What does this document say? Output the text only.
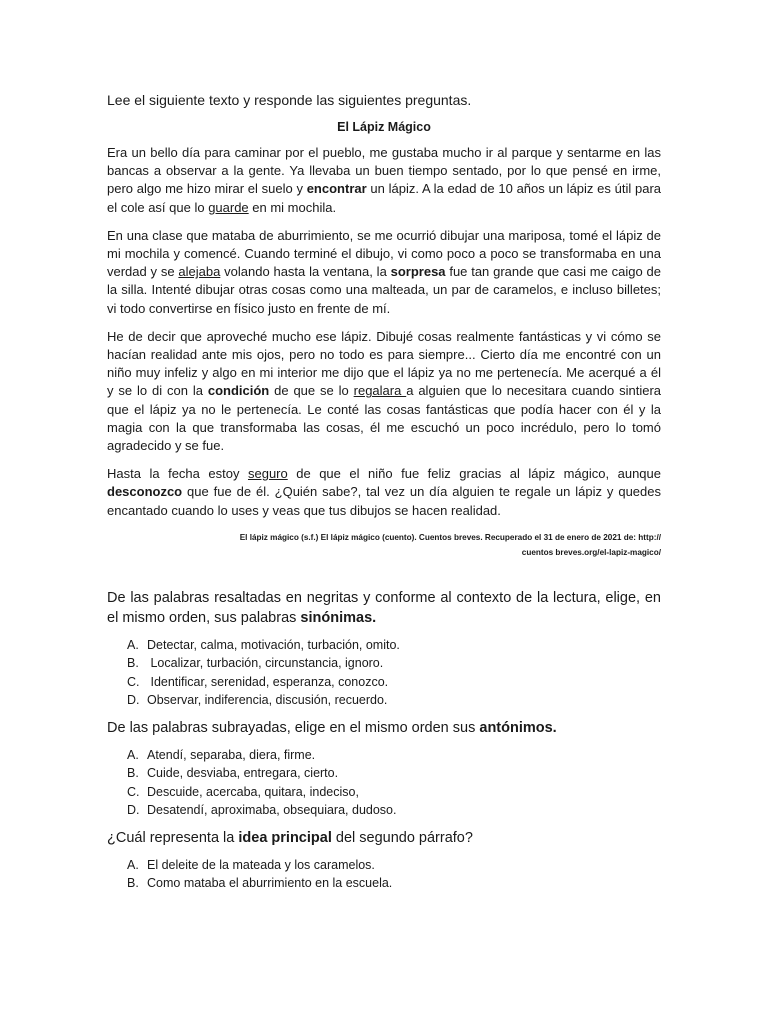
Lee el siguiente texto y responde las siguientes preguntas.

El Lápiz Mágico

Era un bello día para caminar por el pueblo, me gustaba mucho ir al parque y sentarme en las bancas a observar a la gente. Ya llevaba un buen tiempo sentado, por lo que pensé en irme, pero algo me hizo mirar el suelo y encontrar un lápiz. A la edad de 10 años un lápiz es útil para el cole así que lo guarde en mi mochila.

En una clase que mataba de aburrimiento, se me ocurrió dibujar una mariposa, tomé el lápiz de mi mochila y comencé. Cuando terminé el dibujo, vi como poco a poco se transformaba en una verdad y se alejaba volando hasta la ventana, la sorpresa fue tan grande que casi me caigo de la silla. Intenté dibujar otras cosas como una malteada, un par de caramelos, e incluso billetes; vi todo convertirse en físico justo en frente de mí.

He de decir que aproveché mucho ese lápiz. Dibujé cosas realmente fantásticas y vi cómo se hacían realidad ante mis ojos, pero no todo es para siempre... Cierto día me encontré con un niño muy infeliz y algo en mi interior me dijo que el lápiz ya no me pertenecía. Me acerqué a él y se lo di con la condición de que se lo regalara a alguien que lo necesitara cuando sintiera que el lápiz ya no le pertenecía. Le conté las cosas fantásticas que podía hacer con él y la magia con la que transformaba las cosas, él me escuchó un poco incrédulo, pero lo tomó agradecido y se fue.

Hasta la fecha estoy seguro de que el niño fue feliz gracias al lápiz mágico, aunque desconozco que fue de él. ¿Quién sabe?, tal vez un día alguien te regale un lápiz y quedes encantado cuando lo uses y veas que tus dibujos se hacen realidad.

El lápiz mágico (s.f.) El lápiz mágico (cuento). Cuentos breves. Recuperado el 31 de enero de 2021 de: http://
cuentos breves.org/el-lapiz-magico/

De las palabras resaltadas en negritas y conforme al contexto de la lectura, elige, en el mismo orden, sus palabras sinónimas.

A. Detectar, calma, motivación, turbación, omito.
B. Localizar, turbación, circunstancia, ignoro.
C. Identificar, serenidad, esperanza, conozco.
D. Observar, indiferencia, discusión, recuerdo.

De las palabras subrayadas, elige en el mismo orden sus antónimos.

A. Atendí, separaba, diera, firme.
B. Cuide, desviaba, entregara, cierto.
C. Descuide, acercaba, quitara, indeciso,
D. Desatendí, aproximaba, obsequiara, dudoso.

¿Cuál representa la idea principal del segundo párrafo?

A. El deleite de la mateada y los caramelos.
B. Como mataba el aburrimiento en la escuela.
